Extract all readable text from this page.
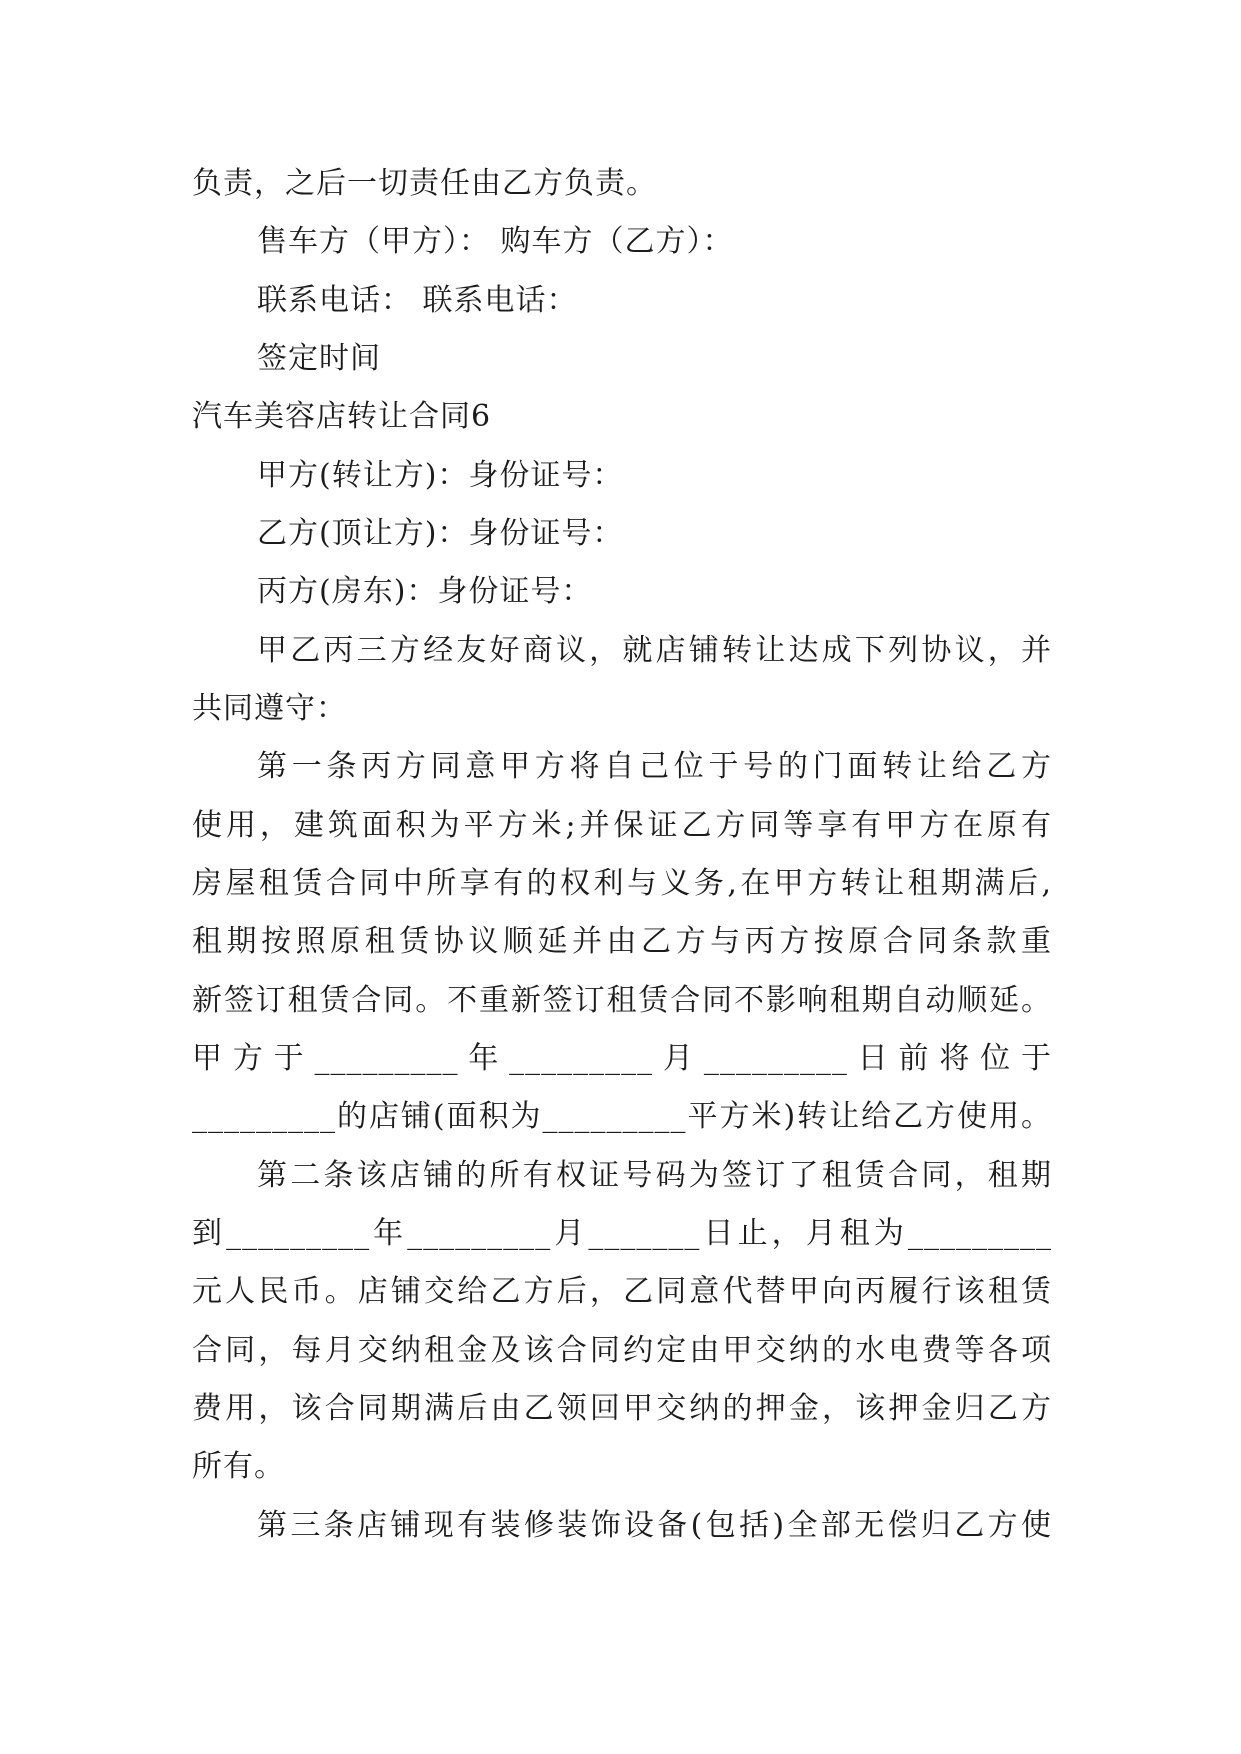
负责，之后一切责任由乙方负责。
售车方（甲方）： 购车方（乙方）：
联系电话： 联系电话：
签定时间
汽车美容店转让合同6
甲方(转让方)：身份证号：
乙方(顶让方)：身份证号：
丙方(房东)：身份证号：
甲乙丙三方经友好商议，就店铺转让达成下列协议，并
共同遵守：
第一条丙方同意甲方将自己位于号的门面转让给乙方
使用，建筑面积为平方米;并保证乙方同等享有甲方在原有
房屋租赁合同中所享有的权利与义务,在甲方转让租期满后,
租期按照原租赁协议顺延并由乙方与丙方按原合同条款重
新签订租赁合同。不重新签订租赁合同不影响租期自动顺延。
甲方于_________年_________月_________日前将位于
_________的店铺(面积为_________平方米)转让给乙方使用。
第二条该店铺的所有权证号码为签订了租赁合同，租期
到_________年_________月_______日止，月租为_________
元人民币。店铺交给乙方后，乙同意代替甲向丙履行该租赁
合同，每月交纳租金及该合同约定由甲交纳的水电费等各项
费用，该合同期满后由乙领回甲交纳的押金，该押金归乙方
所有。
第三条店铺现有装修装饰设备(包括)全部无偿归乙方使
